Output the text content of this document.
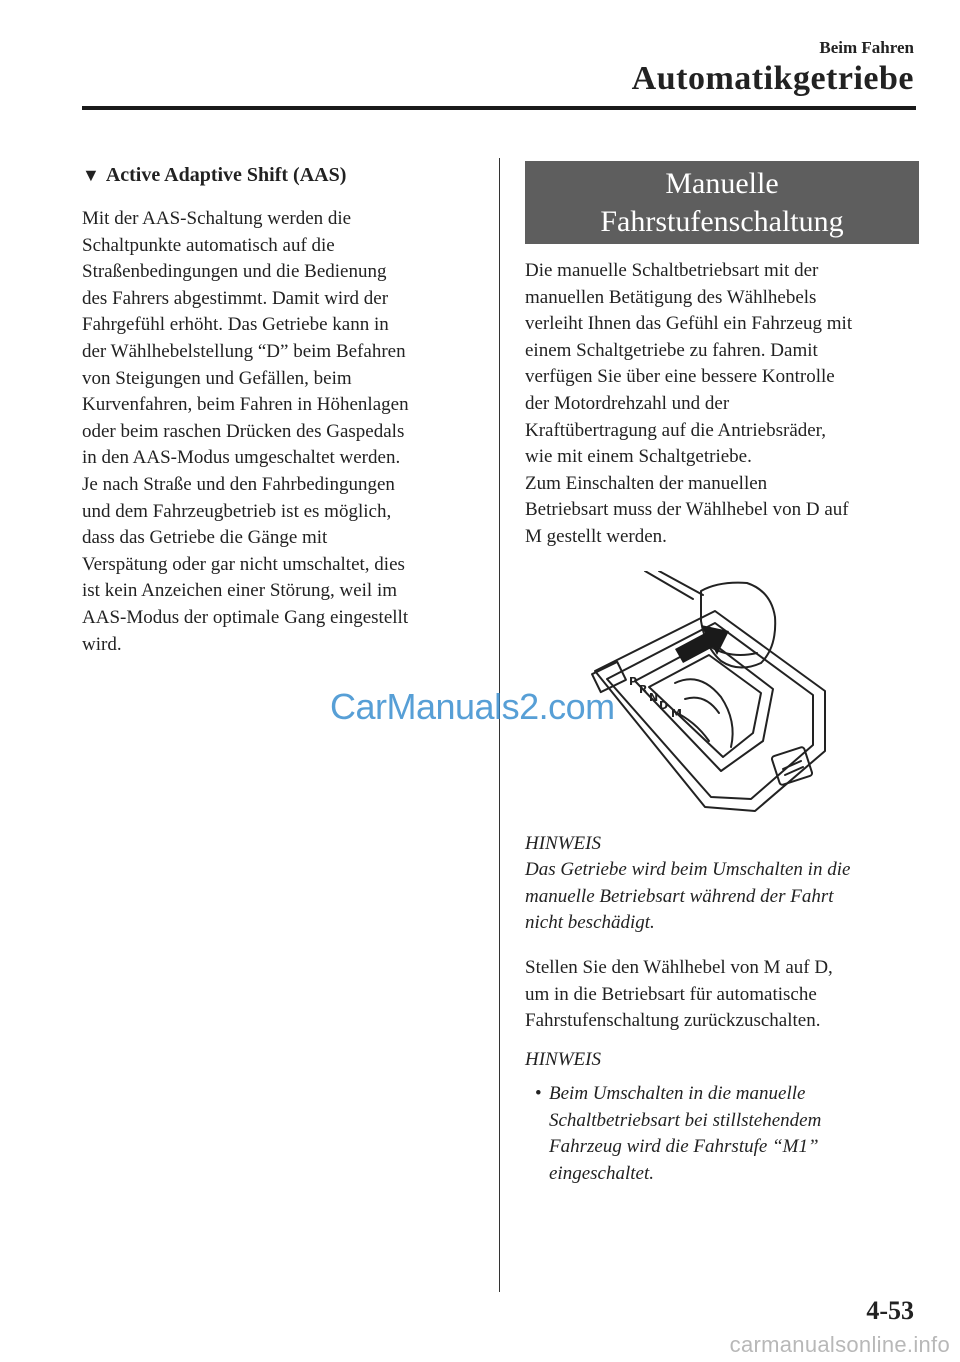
Beim Fahren
Automatikgetriebe
▼ Active Adaptive Shift (AAS)

Mit der AAS-Schaltung werden die
Schaltpunkte automatisch auf die
Straßenbedingungen und die Bedienung
des Fahrers abgestimmt. Damit wird der
Fahrgefühl erhöht. Das Getriebe kann in
der Wählhebelstellung “D” beim Befahren
von Steigungen und Gefällen, beim
Kurvenfahren, beim Fahren in Höhenlagen
oder beim raschen Drücken des Gaspedals
in den AAS-Modus umgeschaltet werden.
Je nach Straße und den Fahrbedingungen
und dem Fahrzeugbetrieb ist es möglich,
dass das Getriebe die Gänge mit
Verspätung oder gar nicht umschaltet, dies
ist kein Anzeichen einer Störung, weil im
AAS-Modus der optimale Gang eingestellt
wird.

Manuelle
Fahrstufenschaltung

Die manuelle Schaltbetriebsart mit der
manuellen Betätigung des Wählhebels
verleiht Ihnen das Gefühl ein Fahrzeug mit
einem Schaltgetriebe zu fahren. Damit
verfügen Sie über eine bessere Kontrolle
der Motordrehzahl und der
Kraftübertragung auf die Antriebsräder,
wie mit einem Schaltgetriebe.
Zum Einschalten der manuellen
Betriebsart muss der Wählhebel von D auf
M gestellt werden.

P
R
N
D
M
HINWEIS
Das Getriebe wird beim Umschalten in die
manuelle Betriebsart während der Fahrt
nicht beschädigt.

Stellen Sie den Wählhebel von M auf D,
um in die Betriebsart für automatische
Fahrstufenschaltung zurückzuschalten.

HINWEIS
• Beim Umschalten in die manuelle
Schaltbetriebsart bei stillstehendem
Fahrzeug wird die Fahrstufe “M1”
eingeschaltet.
4-53
CarManuals2.com
carmanualsonline.info
